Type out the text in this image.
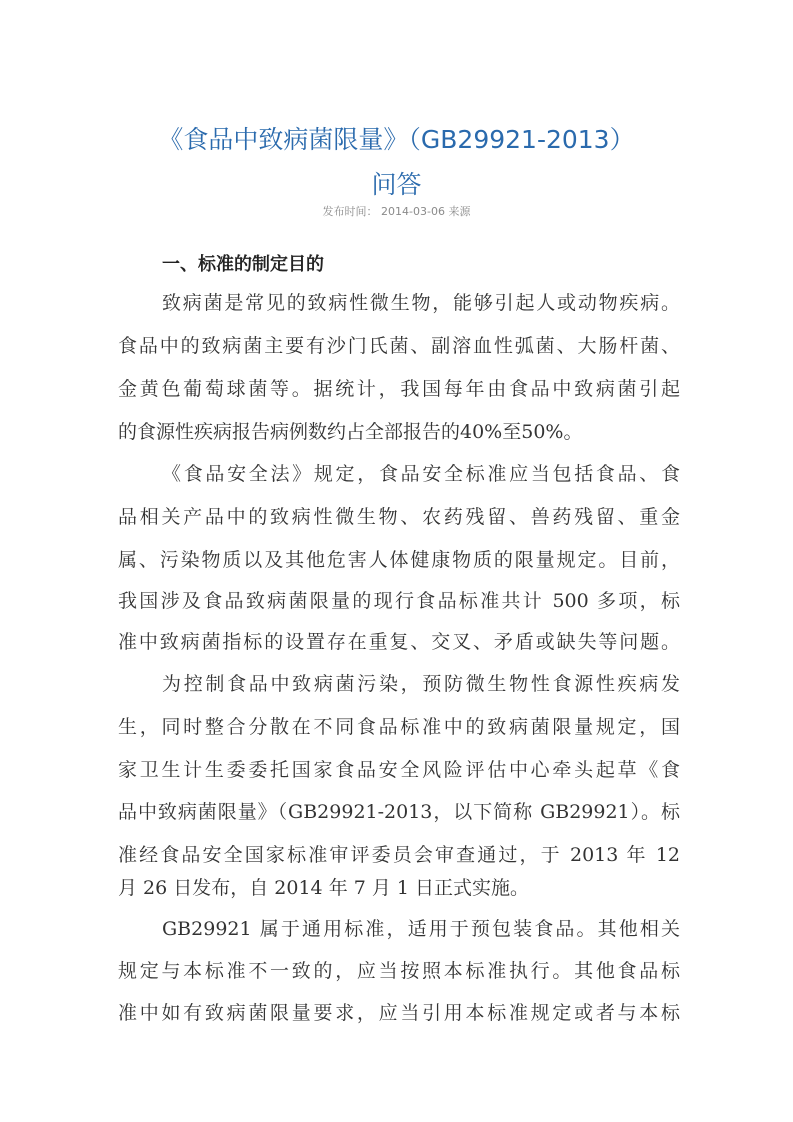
《食品中致病菌限量》（GB29921-2013）
问答
发布时间： 2014-03-06 来源
一、标准的制定目的
致病菌是常见的致病性微生物，能够引起人或动物疾病。
食品中的致病菌主要有沙门氏菌、副溶血性弧菌、大肠杆菌、
金黄色葡萄球菌等。据统计，我国每年由食品中致病菌引起
的食源性疾病报告病例数约占全部报告的40%至50%。
《食品安全法》规定，食品安全标准应当包括食品、食
品相关产品中的致病性微生物、农药残留、兽药残留、重金
属、污染物质以及其他危害人体健康物质的限量规定。目前，
我国涉及食品致病菌限量的现行食品标准共计 500 多项，标
准中致病菌指标的设置存在重复、交叉、矛盾或缺失等问题。
为控制食品中致病菌污染，预防微生物性食源性疾病发
生，同时整合分散在不同食品标准中的致病菌限量规定，国
家卫生计生委委托国家食品安全风险评估中心牵头起草《食
品中致病菌限量》（GB29921-2013，以下简称 GB29921）。标
准经食品安全国家标准审评委员会审查通过，于 2013 年 12
月 26 日发布，自 2014 年 7 月 1 日正式实施。
GB29921 属于通用标准，适用于预包装食品。其他相关
规定与本标准不一致的，应当按照本标准执行。其他食品标
准中如有致病菌限量要求，应当引用本标准规定或者与本标
